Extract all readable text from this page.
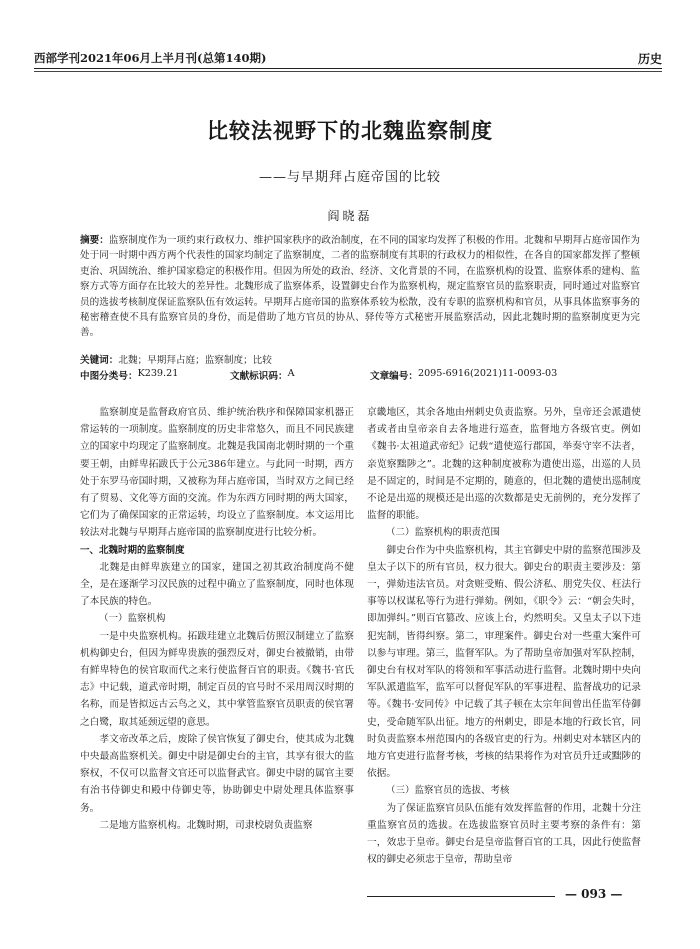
西部学刊2021年06月上半月刊(总第140期)	历史
比较法视野下的北魏监察制度
——与早期拜占庭帝国的比较
阎晓磊
摘要：监察制度作为一项约束行政权力、维护国家秩序的政治制度，在不同的国家均发挥了积极的作用。北魏和早期拜占庭帝国作为处于同一时期中西方两个代表性的国家均制定了监察制度，二者的监察制度有其职的行政权力的相似性，在各自的国家都发挥了整顿吏治、巩固统治、维护国家稳定的积极作用。但因为所处的政治、经济、文化背景的不同，在监察机构的设置、监察体系的建构、监察方式等方面存在比较大的差异性。北魏形成了监察体系，设置御史台作为监察机构，规定监察官员的监察职责，同时通过对监察官员的选拔考核制度保证监察队伍有效运转。早期拜占庭帝国的监察体系较为松散，没有专职的监察机构和官员，从事具体监察事务的秘密稽查使不具有监察官员的身份，而是借助了地方官员的协从、驿传等方式秘密开展监察活动，因此北魏时期的监察制度更为完善。
关键词：北魏；早期拜占庭；监察制度；比较
中图分类号： K239.21	文献标识码： A	文章编号： 2095-6916(2021)11-0093-03

监察制度是监督政府官员、维护统治秩序和保障国家机器正常运转的一项制度。监察制度的历史非常悠久，而且不同民族建立的国家中均现定了监察制度。北魏是我国南北朝时期的一个重要王朝，由鲜卑拓跋氏于公元386年建立。与此同一时期，西方处于东罗马帝国时期，又被称为拜占庭帝国，当时双方之间已经有了贸易、文化等方面的交流。作为东西方同时期的两大国家，它们为了确保国家的正常运转，均设立了监察制度。本文运用比较法对北魏与早期拜占庭帝国的监察制度进行比较分析。

一、北魏时期的监察制度

北魏是由鲜卑族建立的国家，建国之初其政治制度尚不健全，是在逐渐学习汉民族的过程中确立了监察制度，同时也体现了本民族的特色。

（一）监察机构

一是中央监察机构。拓跋珪建立北魏后仿照汉制建立了监察机构御史台，但因为鲜卑贵族的强烈反对，御史台被撤销，由带有鲜卑特色的侯官取而代之来行使监督百官的职责。《魏书·官氏志》中记载，道武帝时期，制定百员的官号时不采用周汉时期的名称，而是皆拟远古云鸟之义，其中掌管监察官员职责的侯官署之白鹭，取其延颈远望的意思。

孝文帝改革之后，废除了侯官恢复了御史台，使其成为北魏中央最高监察机关。御史中尉是御史台的主官，其享有很大的监察权，不仅可以监督文官还可以监督武官。御史中尉的属官主要有治书侍御史和殿中侍御史等，协助御史中尉处理具体监察事务。

二是地方监察机构。北魏时期，司隶校尉负责监察

京畿地区，其余各地由州刺史负责监察。另外，皇帝还会派遣使者或者由皇帝亲自去各地进行巡查，监督地方各级官吏。例如《魏书·太祖道武帝纪》记载“遣使巡行郡国，举奏守宰不法者，亲览察黜陟之”。北魏的这种制度被称为遣使出巡，出巡的人员是不固定的，时间是不定期的，随意的，但北魏的遣使出巡制度不论是出巡的规模还是出巡的次数都是史无前例的，充分发挥了监督的职能。

（二）监察机构的职责范围

御史台作为中央监察机构，其主官御史中尉的监察范围涉及皇太子以下的所有官员，权力很大。御史台的职责主要涉及：第一，弹劾违法官员。对贪赃受贿、假公济私、朋党失仪、枉法行事等以权谋私等行为进行弹劾。例如，《职令》云：“朝会失时，即加弹纠。”则百官篡改、应该上台，灼然明矣。又皇太子以下违犯宪制，皆得纠察。第二，审理案件。御史台对一些重大案件可以参与审理。第三，监督军队。为了帮助皇帝加强对军队控制，御史台有权对军队的将领和军事活动进行监督。北魏时期中央向军队派遣监军，监军可以督促军队的军事进程、监督战功的记录等。《魏书·安同传》中记载了其子顿在太宗年间曾出任监军侍御史，受命随军队出征。地方的州刺史，即是本地的行政长官，同时负责监察本州范围内的各级官吏的行为。州刺史对本辖区内的地方官吏进行监督考核，考核的结果将作为对官员升迁或黜陟的依据。

（三）监察官员的选拔、考核

为了保证监察官员队伍能有效发挥监督的作用，北魏十分注重监察官员的选拔。在选拔监察官员时主要考察的条件有：第一，效忠于皇帝。御史台是皇帝监督百官的工具，因此行使监督权的御史必须忠于皇帝，帮助皇帝

— 093 —
